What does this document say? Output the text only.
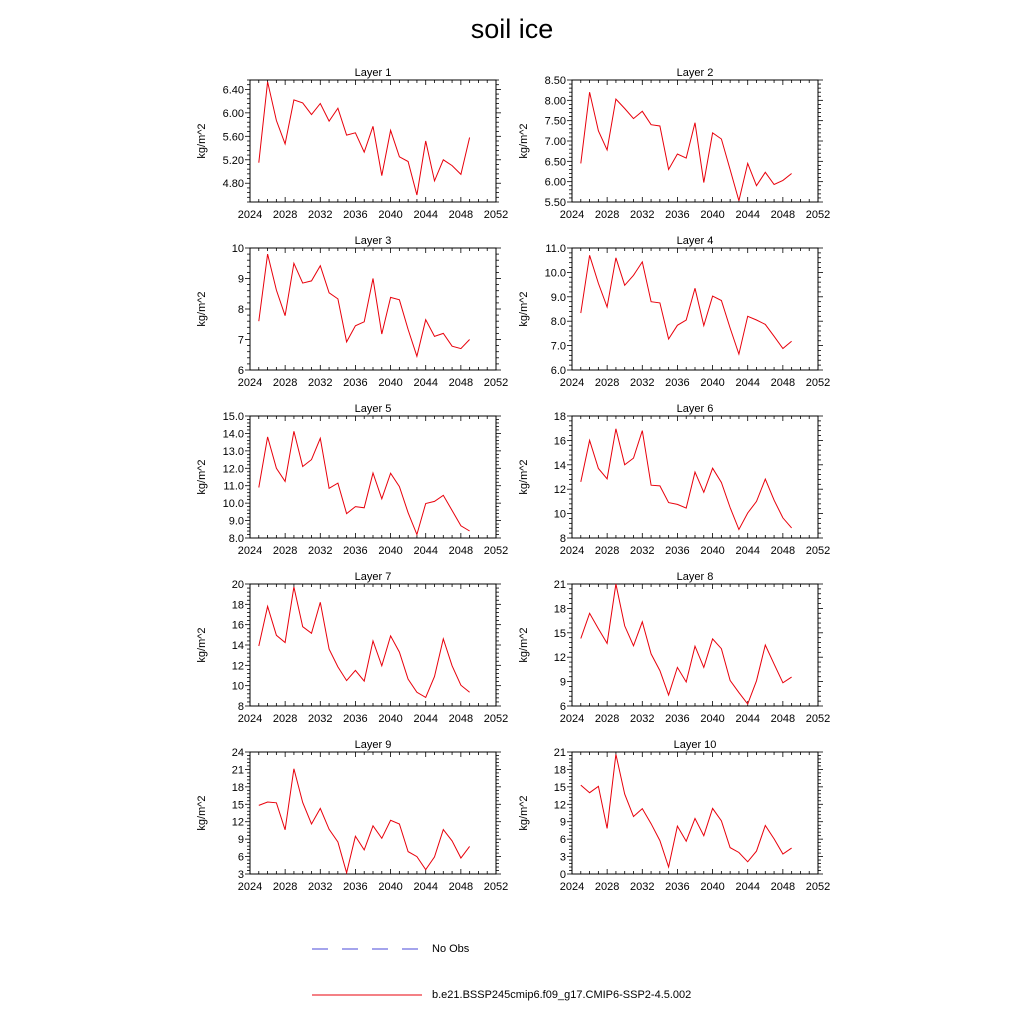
soil ice
Layer 1
kg/m^2
2024 2028 2032 2036 2040 2044 2048 2052
4.80
5.20
5.60
6.00
6.40
Layer 2
kg/m^2
2024 2028 2032 2036 2040 2044 2048 2052
5.50
6.00
6.50
7.00
7.50
8.00
8.50
Layer 3
kg/m^2
2024 2028 2032 2036 2040 2044 2048 2052
6
7
8
9
10
Layer 4
kg/m^2
2024 2028 2032 2036 2040 2044 2048 2052
6.0
7.0
8.0
9.0
10.0
11.0
Layer 5
kg/m^2
2024 2028 2032 2036 2040 2044 2048 2052
8.0
9.0
10.0
11.0
12.0
13.0
14.0
15.0
Layer 6
kg/m^2
2024 2028 2032 2036 2040 2044 2048 2052
8
10
12
14
16
18
Layer 7
kg/m^2
2024 2028 2032 2036 2040 2044 2048 2052
8
10
12
14
16
18
20
Layer 8
kg/m^2
2024 2028 2032 2036 2040 2044 2048 2052
6
9
12
15
18
21
Layer 9
kg/m^2
2024 2028 2032 2036 2040 2044 2048 2052
3
6
9
12
15
18
21
24
Layer 10
kg/m^2
2024 2028 2032 2036 2040 2044 2048 2052
0
3
6
9
12
15
18
21
No Obs
b.e21.BSSP245cmip6.f09_g17.CMIP6-SSP2-4.5.002
